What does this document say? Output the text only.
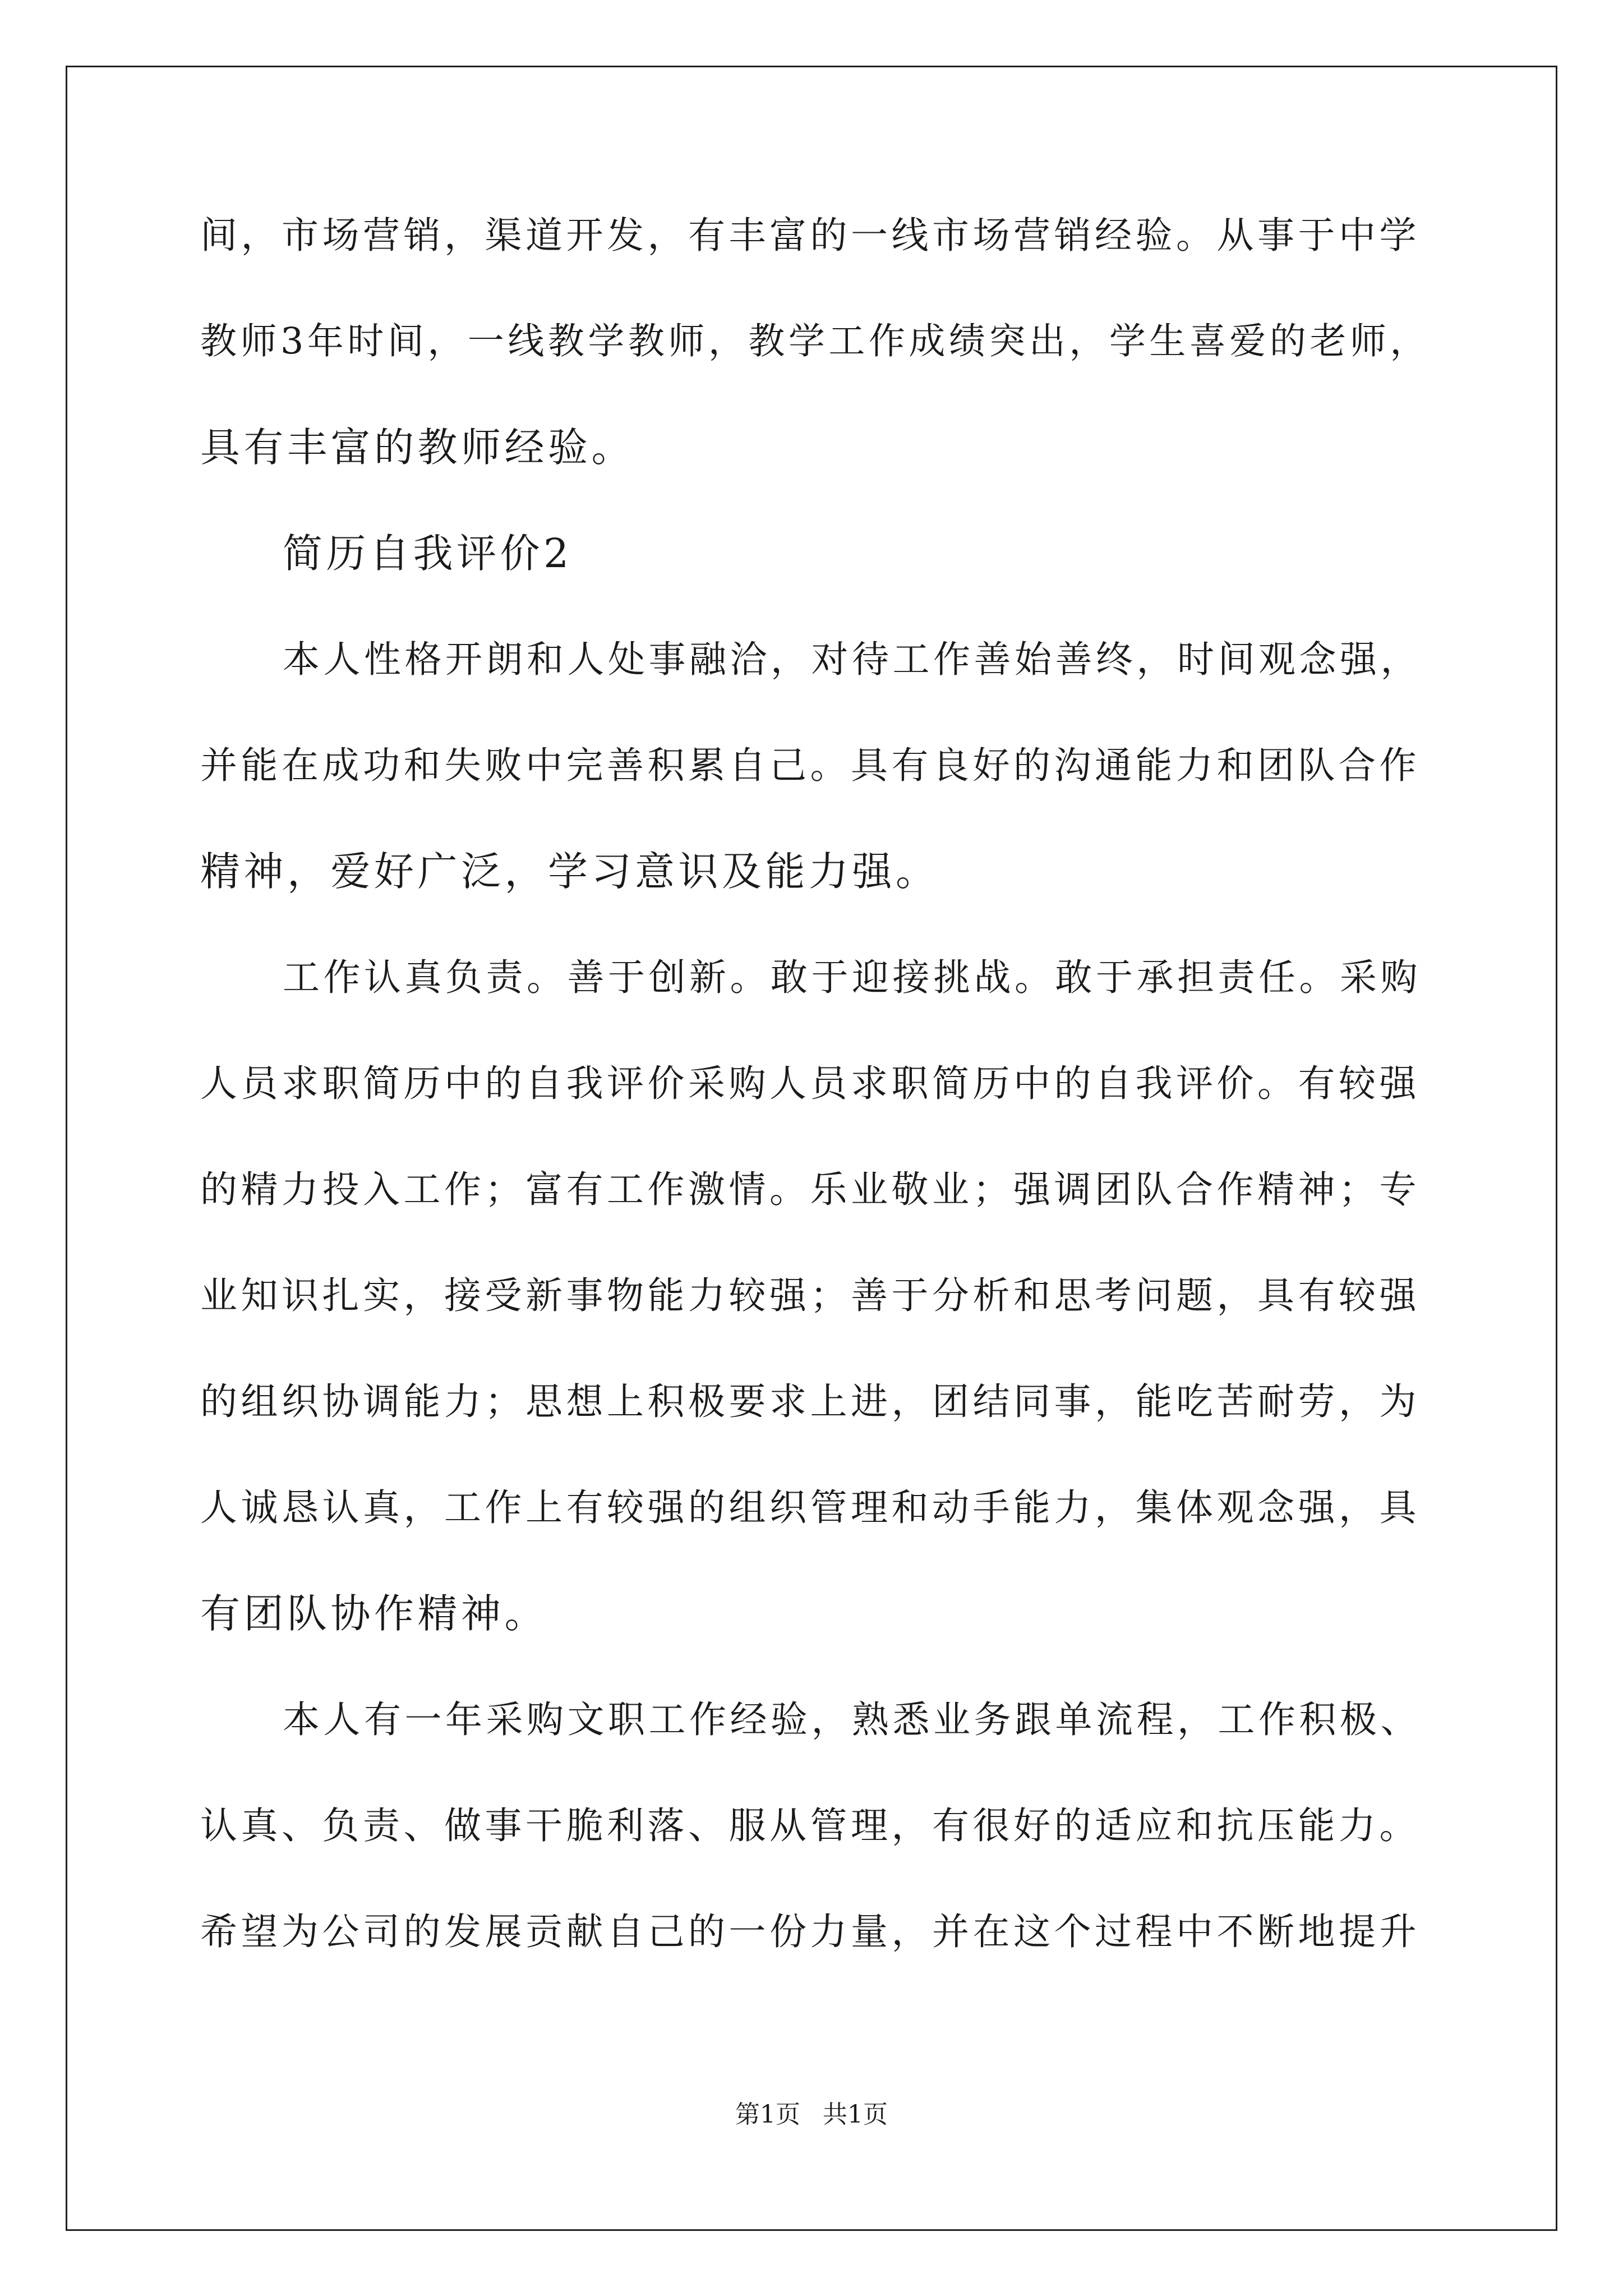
间，市场营销，渠道开发，有丰富的一线市场营销经验。从事于中学
教师3年时间，一线教学教师，教学工作成绩突出，学生喜爱的老师，
具有丰富的教师经验。
简历自我评价2
本人性格开朗和人处事融洽，对待工作善始善终，时间观念强，
并能在成功和失败中完善积累自己。具有良好的沟通能力和团队合作
精神，爱好广泛，学习意识及能力强。
工作认真负责。善于创新。敢于迎接挑战。敢于承担责任。采购
人员求职简历中的自我评价采购人员求职简历中的自我评价。有较强
的精力投入工作；富有工作激情。乐业敬业；强调团队合作精神；专
业知识扎实，接受新事物能力较强；善于分析和思考问题，具有较强
的组织协调能力；思想上积极要求上进，团结同事，能吃苦耐劳，为
人诚恳认真，工作上有较强的组织管理和动手能力，集体观念强，具
有团队协作精神。
本人有一年采购文职工作经验，熟悉业务跟单流程，工作积极、
认真、负责、做事干脆利落、服从管理，有很好的适应和抗压能力。
希望为公司的发展贡献自己的一份力量，并在这个过程中不断地提升
第1页 共1页
